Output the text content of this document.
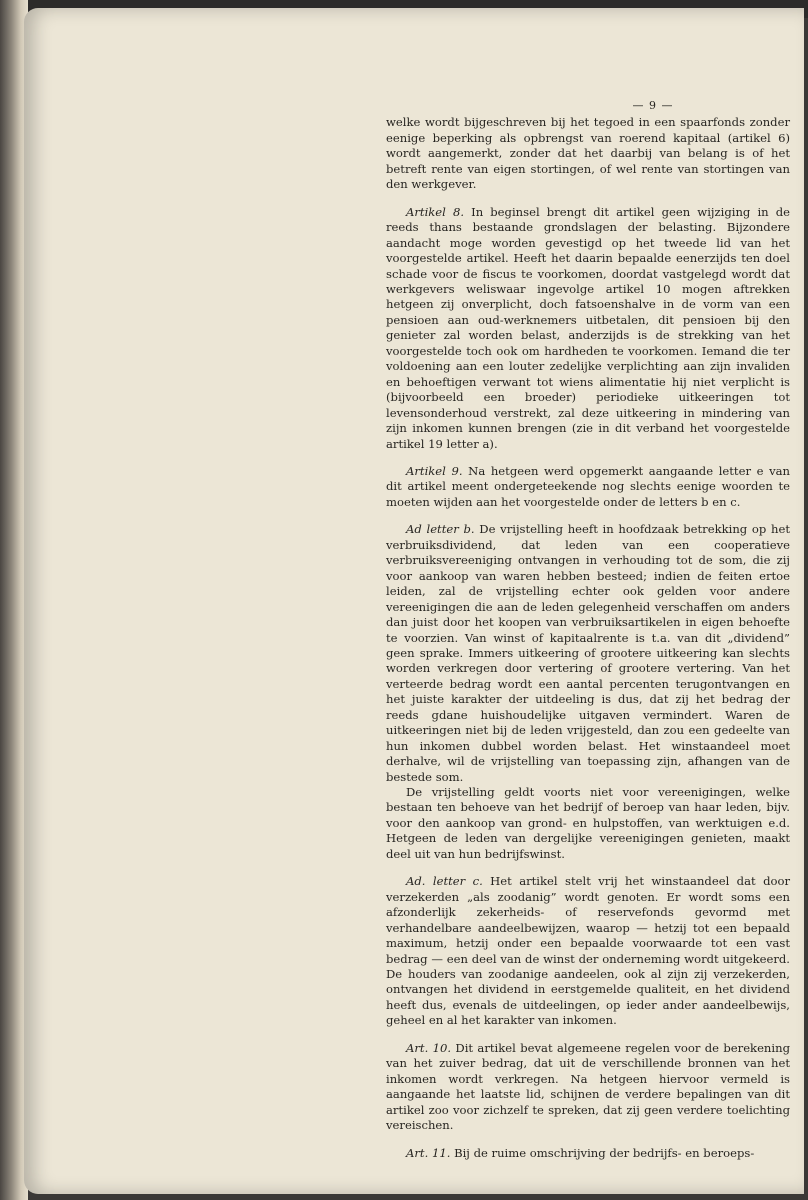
— 9 —

welke wordt bijgeschreven bij het tegoed in een spaarfonds zonder eenige beperking als opbrengst van roerend kapitaal (artikel 6) wordt aangemerkt, zonder dat het daarbij van belang is of het betreft rente van eigen stortingen, of wel rente van stortingen van den werkgever.

Artikel 8. In beginsel brengt dit artikel geen wijziging in de reeds thans bestaande grondslagen der belasting. Bijzondere aandacht moge worden gevestigd op het tweede lid van het voorgestelde artikel. Heeft het daarin bepaalde eenerzijds ten doel schade voor de fiscus te voorkomen, doordat vastgelegd wordt dat werkgevers weliswaar ingevolge artikel 10 mogen aftrekken hetgeen zij onverplicht, doch fatsoenshalve in de vorm van een pensioen aan oud-werknemers uitbetalen, dit pensioen bij den genieter zal worden belast, anderzijds is de strekking van het voorgestelde toch ook om hardheden te voorkomen. Iemand die ter voldoening aan een louter zedelijke verplichting aan zijn invaliden en behoeftigen verwant tot wiens alimentatie hij niet verplicht is (bijvoorbeeld een broeder) periodieke uitkeeringen tot levensonderhoud verstrekt, zal deze uitkeering in mindering van zijn inkomen kunnen brengen (zie in dit verband het voorgestelde artikel 19 letter a).

Artikel 9. Na hetgeen werd opgemerkt aangaande letter e van dit artikel meent ondergeteekende nog slechts eenige woorden te moeten wijden aan het voorgestelde onder de letters b en c.

Ad letter b. De vrijstelling heeft in hoofdzaak betrekking op het verbruiksdividend, dat leden van een cooperatieve verbruiksvereeniging ontvangen in verhouding tot de som, die zij voor aankoop van waren hebben besteed; indien de feiten ertoe leiden, zal de vrijstelling echter ook gelden voor andere vereenigingen die aan de leden gelegenheid verschaffen om anders dan juist door het koopen van verbruiksartikelen in eigen behoefte te voorzien. Van winst of kapitaalrente is t.a. van dit „dividend” geen sprake. Immers uitkeering of grootere uitkeering kan slechts worden verkregen door vertering of grootere vertering. Van het verteerde bedrag wordt een aantal percenten terugontvangen en het juiste karakter der uitdeeling is dus, dat zij het bedrag der reeds gdane huishoudelijke uitgaven vermindert. Waren de uitkeeringen niet bij de leden vrijgesteld, dan zou een gedeelte van hun inkomen dubbel worden belast. Het winstaandeel moet derhalve, wil de vrijstelling van toepassing zijn, afhangen van de bestede som.

De vrijstelling geldt voorts niet voor vereenigingen, welke bestaan ten behoeve van het bedrijf of beroep van haar leden, bijv. voor den aankoop van grond- en hulpstoffen, van werktuigen e.d. Hetgeen de leden van dergelijke vereenigingen genieten, maakt deel uit van hun bedrijfswinst.

Ad. letter c. Het artikel stelt vrij het winstaandeel dat door verzekerden „als zoodanig” wordt genoten. Er wordt soms een afzonderlijk zekerheids- of reservefonds gevormd met verhandelbare aandeelbewijzen, waarop — hetzij tot een bepaald maximum, hetzij onder een bepaalde voorwaarde tot een vast bedrag — een deel van de winst der onderneming wordt uitgekeerd. De houders van zoodanige aandeelen, ook al zijn zij verzekerden, ontvangen het dividend in eerstgemelde qualiteit, en het dividend heeft dus, evenals de uitdeelingen, op ieder ander aandeelbewijs, geheel en al het karakter van inkomen.

Art. 10. Dit artikel bevat algemeene regelen voor de berekening van het zuiver bedrag, dat uit de verschillende bronnen van het inkomen wordt verkregen. Na hetgeen hiervoor vermeld is aangaande het laatste lid, schijnen de verdere bepalingen van dit artikel zoo voor zichzelf te spreken, dat zij geen verdere toelichting vereischen.

Art. 11. Bij de ruime omschrijving der bedrijfs- en beroeps-
